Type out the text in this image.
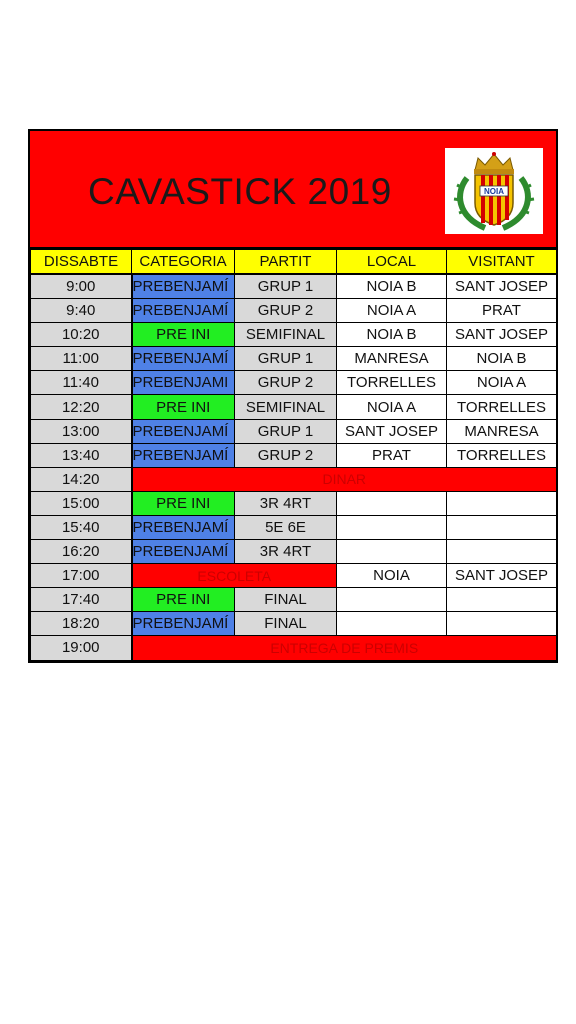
CAVASTICK 2019	NOIA
DISSABTE	CATEGORIA	PARTIT	LOCAL	VISITANT
9:00	PREBENJAMÍ	GRUP 1	NOIA B	SANT JOSEP
9:40	PREBENJAMÍ	GRUP 2	NOIA A	PRAT
10:20	PRE INI	SEMIFINAL	NOIA B	SANT JOSEP
11:00	PREBENJAMÍ	GRUP 1	MANRESA	NOIA B
11:40	PREBENJAMI	GRUP 2	TORRELLES	NOIA A
12:20	PRE INI	SEMIFINAL	NOIA A	TORRELLES
13:00	PREBENJAMÍ	GRUP 1	SANT JOSEP	MANRESA
13:40	PREBENJAMÍ	GRUP 2	PRAT	TORRELLES
14:20	DINAR			
15:00	PRE INI	3R 4RT		
15:40	PREBENJAMÍ	5E 6E		
16:20	PREBENJAMÍ	3R 4RT		
17:00	ESCOLETA		NOIA	SANT JOSEP
17:40	PRE INI	FINAL		
18:20	PREBENJAMÍ	FINAL		
19:00	ENTREGA DE PREMIS			
